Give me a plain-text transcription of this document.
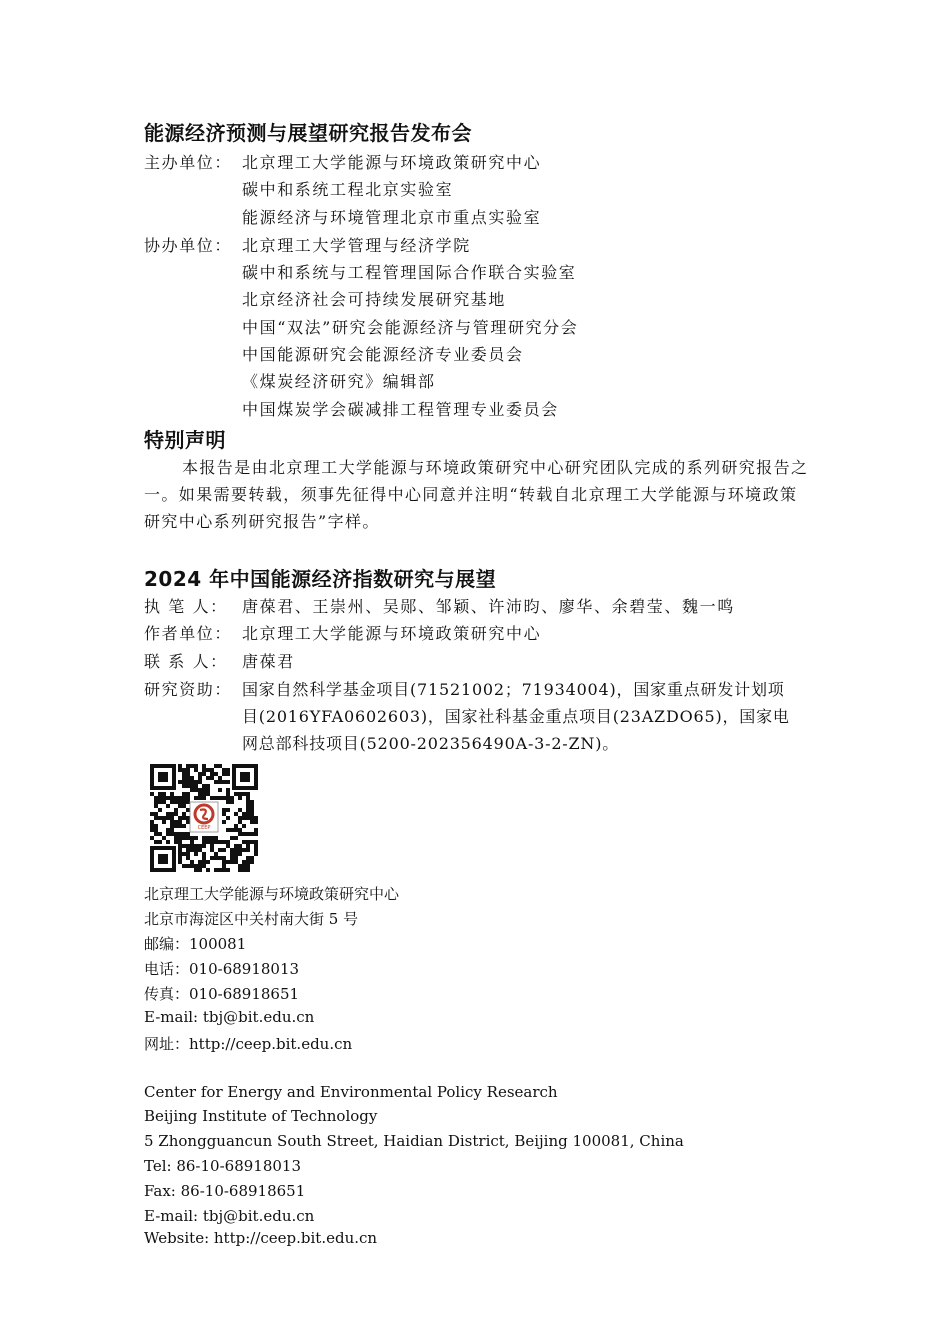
能源经济预测与展望研究报告发布会
主办单位： 北京理工大学能源与环境政策研究中心
碳中和系统工程北京实验室
能源经济与环境管理北京市重点实验室
协办单位： 北京理工大学管理与经济学院
碳中和系统与工程管理国际合作联合实验室
北京经济社会可持续发展研究基地
中国“双法”研究会能源经济与管理研究分会
中国能源研究会能源经济专业委员会
《煤炭经济研究》编辑部
中国煤炭学会碳减排工程管理专业委员会
特别声明
本报告是由北京理工大学能源与环境政策研究中心研究团队完成的系列研究报告之一。如果需要转载，须事先征得中心同意并注明“转载自北京理工大学能源与环境政策研究中心系列研究报告”字样。
2024 年中国能源经济指数研究与展望
执 笔 人： 唐葆君、王崇州、吴郧、邹颖、许沛昀、廖华、余碧莹、魏一鸣
作者单位： 北京理工大学能源与环境政策研究中心
联 系 人： 唐葆君
研究资助： 国家自然科学基金项目(71521002；71934004)，国家重点研发计划项
目(2016YFA0602603)，国家社科基金重点项目(23AZDO65)，国家电
网总部科技项目(5200-202356490A-3-2-ZN)。
CEEP
北京理工大学能源与环境政策研究中心
北京市海淀区中关村南大街 5 号
邮编：100081
电话：010-68918013
传真：010-68918651
E-mail: tbj@bit.edu.cn
网址：http://ceep.bit.edu.cn
Center for Energy and Environmental Policy Research
Beijing Institute of Technology
5 Zhongguancun South Street, Haidian District, Beijing 100081, China
Tel: 86-10-68918013
Fax: 86-10-68918651
E-mail: tbj@bit.edu.cn
Website: http://ceep.bit.edu.cn
